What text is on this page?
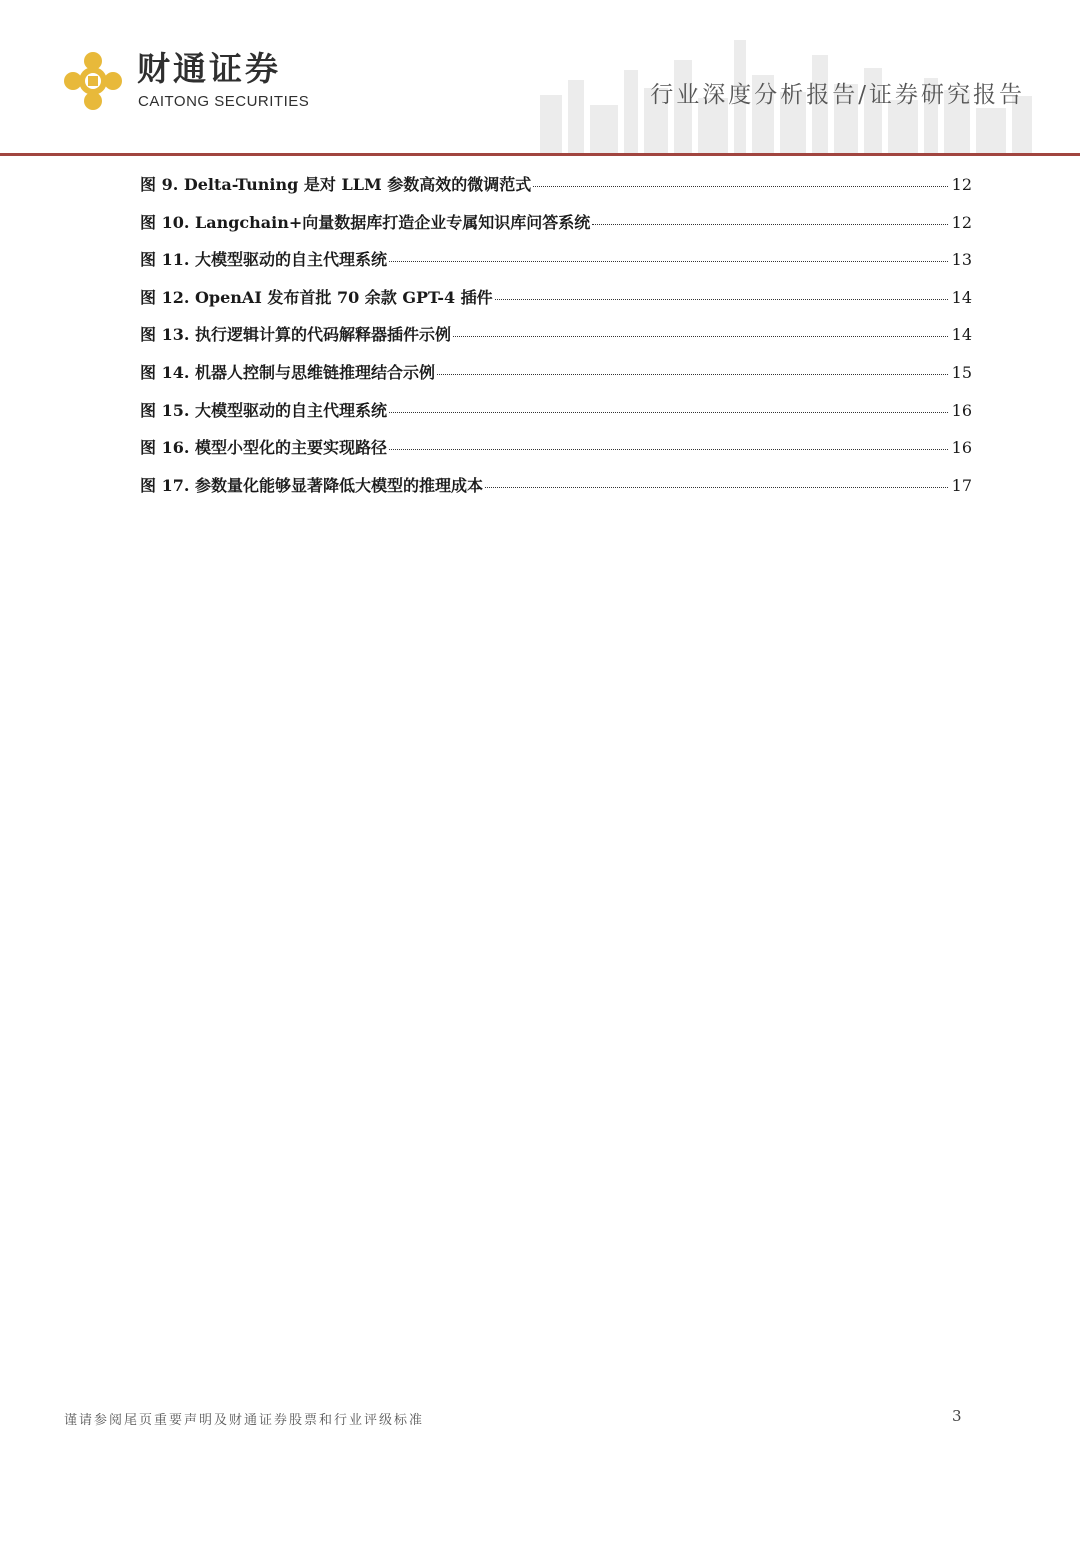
财通证券
CAITONG SECURITIES	行业深度分析报告/证券研究报告
图 9. Delta-Tuning 是对 LLM 参数高效的微调范式	12
图 10. Langchain+向量数据库打造企业专属知识库问答系统	12
图 11. 大模型驱动的自主代理系统	13
图 12. OpenAI 发布首批 70 余款 GPT-4 插件	14
图 13. 执行逻辑计算的代码解释器插件示例	14
图 14. 机器人控制与思维链推理结合示例	15
图 15. 大模型驱动的自主代理系统	16
图 16. 模型小型化的主要实现路径	16
图 17. 参数量化能够显著降低大模型的推理成本	17
谨请参阅尾页重要声明及财通证券股票和行业评级标准	3
